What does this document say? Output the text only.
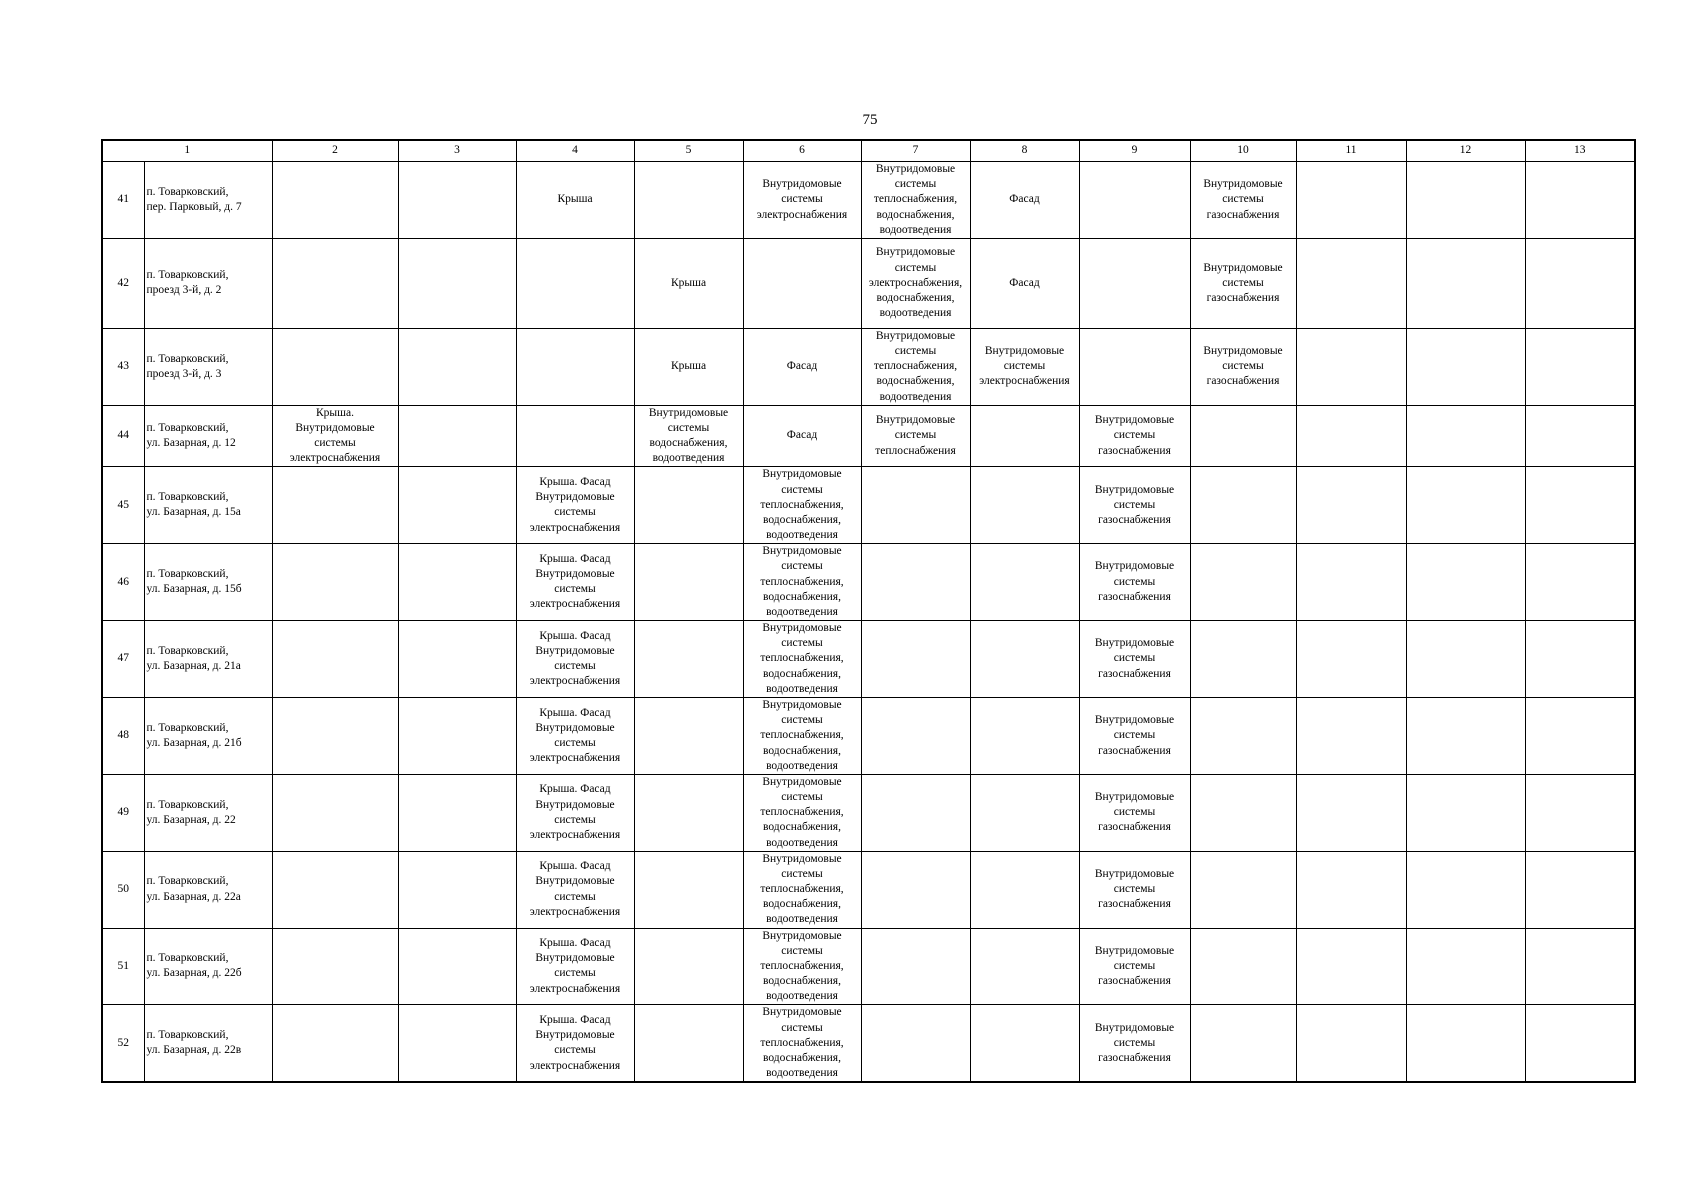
75
1		2	3	4	5	6	7	8	9	10	11	12	13
41	п. Товарковский,
пер. Парковый, д. 7			Крыша		Внутридомовые
системы
электроснабжения	Внутридомовые
системы
теплоснабжения,
водоснабжения,
водоотведения	Фасад		Внутридомовые
системы
газоснабжения			
42	п. Товарковский,
проезд 3-й, д. 2				Крыша		Внутридомовые
системы
электроснабжения,
водоснабжения,
водоотведения	Фасад		Внутридомовые
системы
газоснабжения			
43	п. Товарковский,
проезд 3-й, д. 3				Крыша	Фасад	Внутридомовые
системы
теплоснабжения,
водоснабжения,
водоотведения	Внутридомовые
системы
электроснабжения		Внутридомовые
системы
газоснабжения			
44	п. Товарковский,
ул. Базарная, д. 12	Крыша.
Внутридомовые
системы
электроснабжения			Внутридомовые
системы
водоснабжения,
водоотведения	Фасад	Внутридомовые
системы
теплоснабжения		Внутридомовые
системы
газоснабжения				
45	п. Товарковский,
ул. Базарная, д. 15а			Крыша. Фасад
Внутридомовые
системы
электроснабжения		Внутридомовые
системы
теплоснабжения,
водоснабжения,
водоотведения			Внутридомовые
системы
газоснабжения				
46	п. Товарковский,
ул. Базарная, д. 15б			Крыша. Фасад
Внутридомовые
системы
электроснабжения		Внутридомовые
системы
теплоснабжения,
водоснабжения,
водоотведения			Внутридомовые
системы
газоснабжения				
47	п. Товарковский,
ул. Базарная, д. 21а			Крыша. Фасад
Внутридомовые
системы
электроснабжения		Внутридомовые
системы
теплоснабжения,
водоснабжения,
водоотведения			Внутридомовые
системы
газоснабжения				
48	п. Товарковский,
ул. Базарная, д. 21б			Крыша. Фасад
Внутридомовые
системы
электроснабжения		Внутридомовые
системы
теплоснабжения,
водоснабжения,
водоотведения			Внутридомовые
системы
газоснабжения				
49	п. Товарковский,
ул. Базарная, д. 22			Крыша. Фасад
Внутридомовые
системы
электроснабжения		Внутридомовые
системы
теплоснабжения,
водоснабжения,
водоотведения			Внутридомовые
системы
газоснабжения				
50	п. Товарковский,
ул. Базарная, д. 22а			Крыша. Фасад
Внутридомовые
системы
электроснабжения		Внутридомовые
системы
теплоснабжения,
водоснабжения,
водоотведения			Внутридомовые
системы
газоснабжения				
51	п. Товарковский,
ул. Базарная, д. 22б			Крыша. Фасад
Внутридомовые
системы
электроснабжения		Внутридомовые
системы
теплоснабжения,
водоснабжения,
водоотведения			Внутридомовые
системы
газоснабжения				
52	п. Товарковский,
ул. Базарная, д. 22в			Крыша. Фасад
Внутридомовые
системы
электроснабжения		Внутридомовые
системы
теплоснабжения,
водоснабжения,
водоотведения			Внутридомовые
системы
газоснабжения				
